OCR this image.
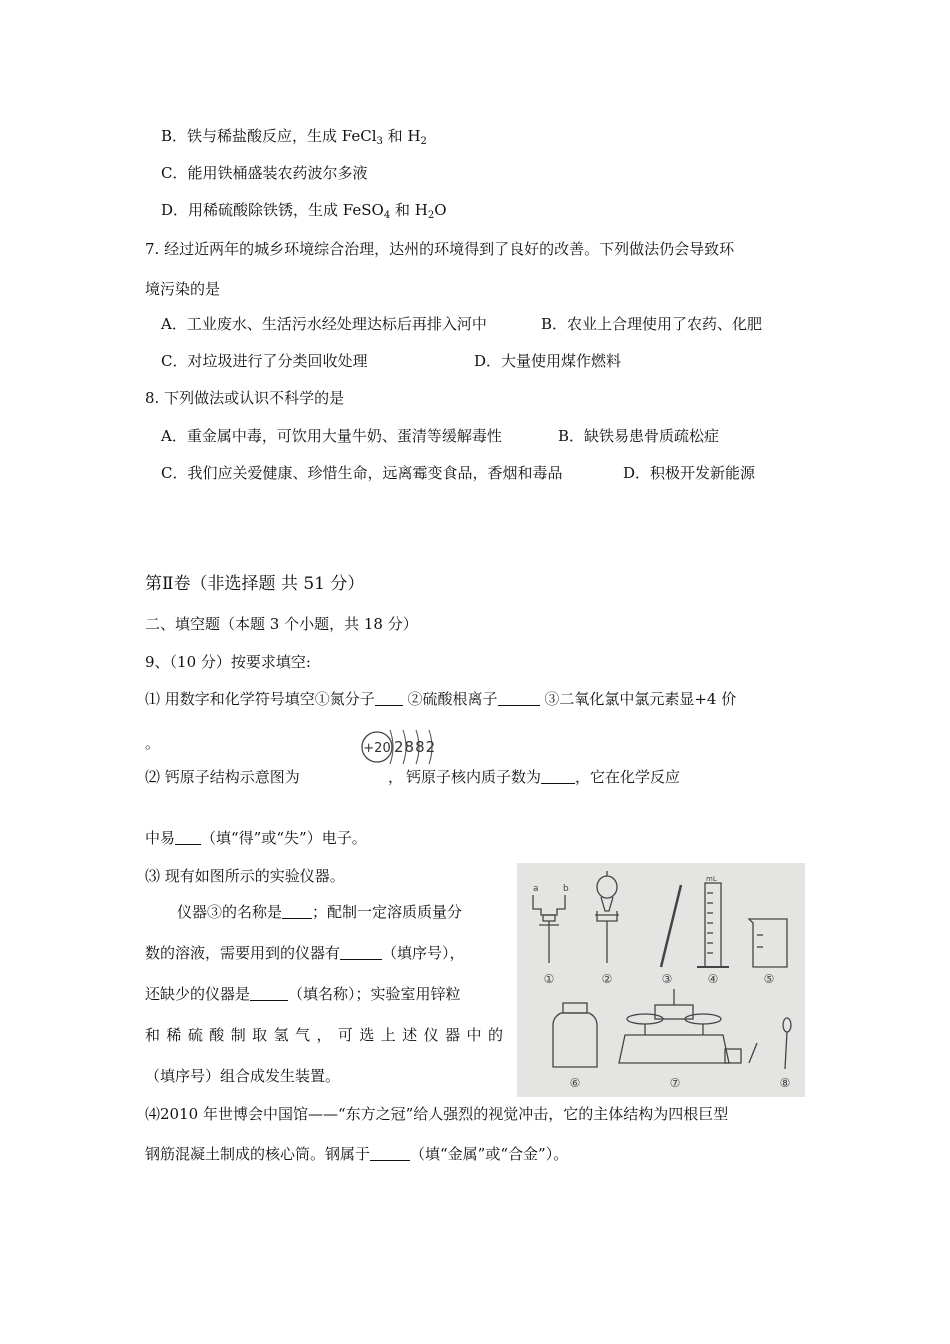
B．铁与稀盐酸反应，生成 FeCl$_3$ 和 $H_2$
C．能用铁桶盛装农药波尔多液
D．用稀硫酸除铁锈，生成 FeSO$_4$ 和 $H_2O$
7. 经过近两年的城乡环境综合治理，达州的环境得到了良好的改善。下列做法仍会导致环
境污染的是
A．工业废水、生活污水经处理达标后再排入河中	B．农业上合理使用了农药、化肥
C．对垃圾进行了分类回收处理	D．大量使用煤作燃料
8. 下列做法或认识不科学的是
A．重金属中毒，可饮用大量牛奶、蛋清等缓解毒性	B．缺铁易患骨质疏松症
C．我们应关爱健康、珍惜生命，远离霉变食品，香烟和毒品	D．积极开发新能源
第Ⅱ卷（非选择题 共 51 分）
二、填空题（本题 3 个小题，共 18 分）
9、（10 分）按要求填空:
⑴ 用数字和化学符号填空①氮分子 ②硫酸根离子	③二氧化氯中氯元素显+4 价
。	+20 2882
⑵ 钙原子结构示意图为	， 钙原子核内质子数为 ，它在化学反应
中易 （填“得”或“失”）电子。
⑶ 现有如图所示的实验仪器。
仪器③的名称是 ；配制一定溶质质量分
数的溶液，需要用到的仪器有	（填序号），
还缺少的仪器是	（填名称）；实验室用锌粒
和稀硫酸制取氢气，可选上述仪器中的
（填序号）组合成发生装置。
a	b
mL
①	②	③	④	⑤
⑥	⑦	⑧
⑷2010 年世博会中国馆——“东方之冠”给人强烈的视觉冲击，它的主体结构为四根巨型
钢筋混凝土制成的核心筒。钢属于	（填“金属”或“合金”）。
